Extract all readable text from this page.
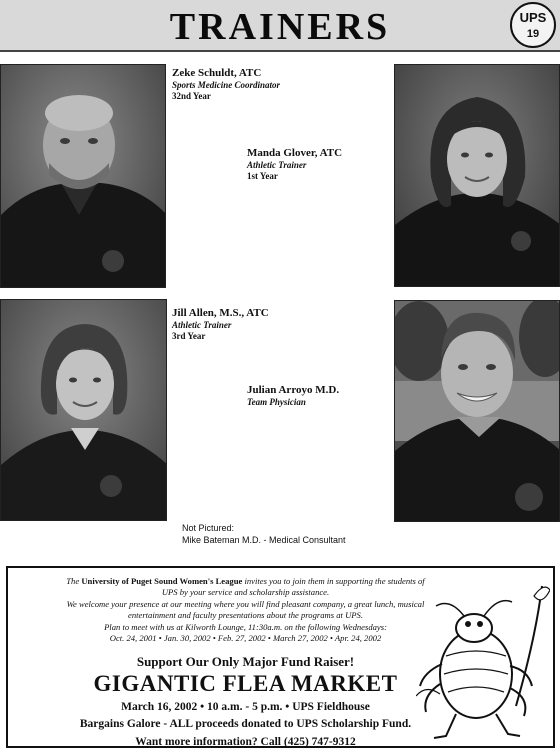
TRAINERS	UPS
19
Zeke Schuldt, ATC
Sports Medicine Coordinator
32nd Year
Manda Glover, ATC
Athletic Trainer
1st Year
Jill Allen, M.S., ATC
Athletic Trainer
3rd Year
Julian Arroyo M.D.
Team Physician
Not Pictured:
Mike Bateman M.D. - Medical Consultant
The University of Puget Sound Women's League invites you to join them in supporting the students of
UPS by your service and scholarship assistance.
We welcome your presence at our meeting where you will find pleasant company, a great lunch, musical
entertainment and faculty presentations about the programs at UPS.
Plan to meet with us at Kilworth Lounge, 11:30a.m. on the following Wednesdays:
Oct. 24, 2001 • Jan. 30, 2002 • Feb. 27, 2002 • March 27, 2002 • Apr. 24, 2002
Support Our Only Major Fund Raiser!
GIGANTIC FLEA MARKET
March 16, 2002 • 10 a.m. - 5 p.m. • UPS Fieldhouse
Bargains Galore - ALL proceeds donated to UPS Scholarship Fund.
Want more information? Call (425) 747-9312
